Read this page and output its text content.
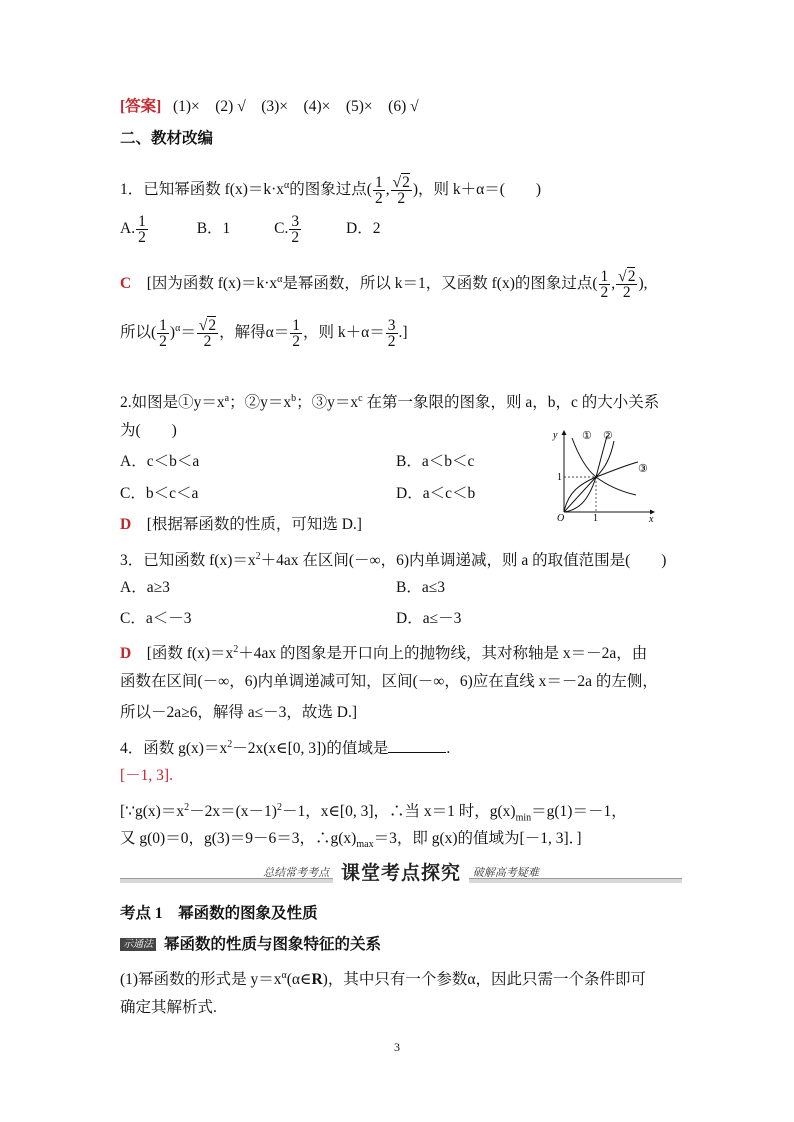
[答案] (1)×　(2) √　(3)×　(4)×　(5)×　(6) √
二、教材改编
1．已知幂函数 $f(x)=k\cdot x^\alpha$的图象过点( $\frac{1}{2}$ , $\frac{√2}{2}$ )，则 k＋α＝(　　)
A. $\frac{1}{2}$	B．1	C. $\frac{3}{2}$	D．2
C　[因为函数 $f(x)=k\cdot x^\alpha$是幂函数，所以 k＝1，又函数 f(x)的图象过点( $\frac{1}{2}$ , $\frac{√2}{2}$ ),
所以( $\frac{1}{2} )^\alpha= \frac{√2}{2}$ ，解得$\alpha= \frac{1}{2}$ ，则 $k+\alpha= \frac{3}{2}$ .]
2.如图是$①y=x^a$；$②y=x^b$；$③y=x^c$ 在第一象限的图象，则 a，b，c 的大小关系
为(　　)
A．c＜b＜a	B．a＜b＜c
C．b＜c＜a	D．a＜c＜b
D　[根据幂函数的性质，可知选 D.]
y
x
O
1
1
① ②
③
3．已知函数 $f(x)=x^2+4ax$ 在区间(－∞，6)内单调递减，则 a 的取值范围是(　　)
A．a≥3	B．a≤3
C．a＜－3	D．a≤－3
D　[函数 $f(x)=x^2+4ax$ 的图象是开口向上的抛物线，其对称轴是 x＝－2a，由
函数在区间(－∞，6)内单调递减可知，区间(－∞，6)应在直线 x＝－2a 的左侧，
所以－2a≥6，解得 a≤－3，故选 D.]
4．函数 $g(x)=x^2-2x(x\in[0$, 3])的值域是	.
[－1, 3].
[$\because g(x)=x^2-2x=(x-1)^2-1$，x∈[0, 3]，∴当 x＝1 时，$g(x)_{min}=g(1)=-1$，
又 g(0)＝0，g(3)＝9－6＝3，$\therefore g(x)_{max}=3$，即 g(x)的值域为[－1, 3]．]
总结常考考点 课堂考点探究 破解高考疑难
考点 1　幂函数的图象及性质
示通法 幂函数的性质与图象特征的关系
(1)幂函数的形式是 $y=x^\alpha(\alpha\in R)$，其中只有一个参数α，因此只需一个条件即可
确定其解析式.
3
